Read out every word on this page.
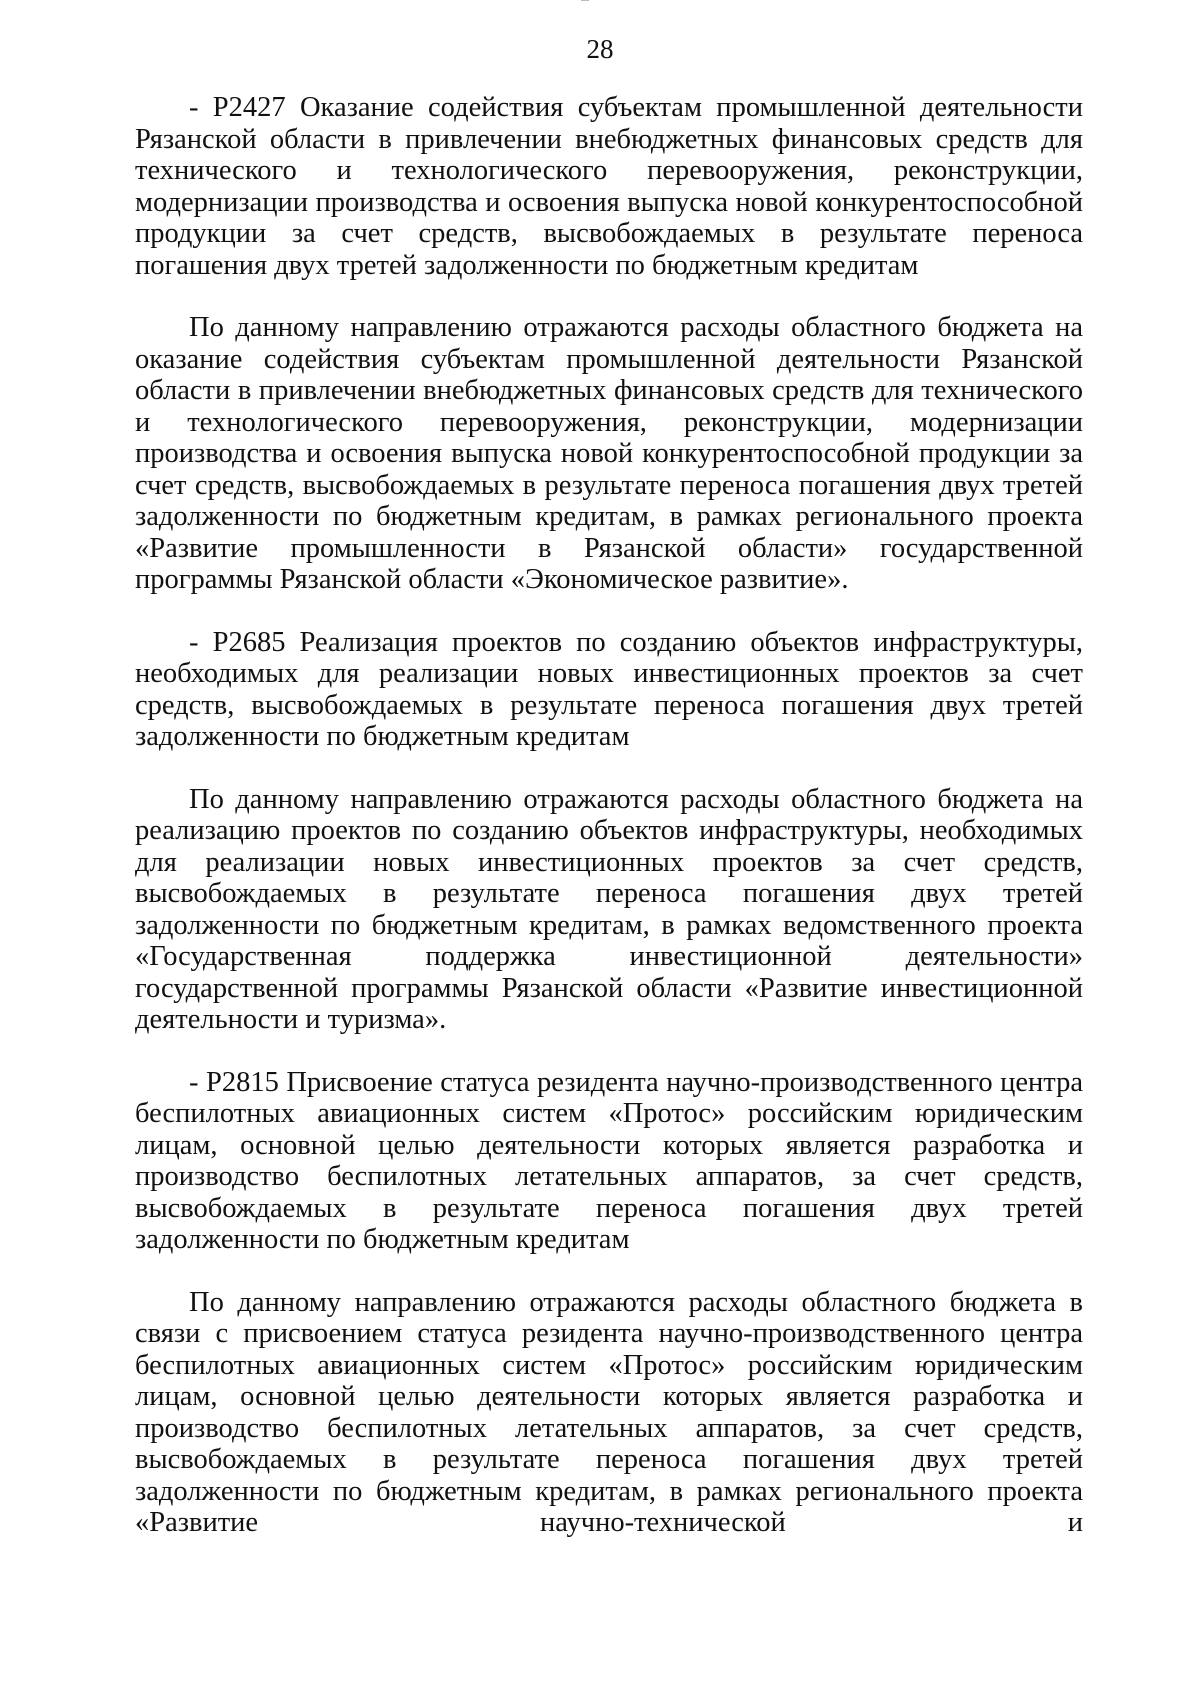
28

- Р2427 Оказание содействия субъектам промышленной деятельности Рязанской области в привлечении внебюджетных финансовых средств для технического и технологического перевооружения, реконструкции, модернизации производства и освоения выпуска новой конкурентоспособной продукции за счет средств, высвобождаемых в результате переноса погашения двух третей задолженности по бюджетным кредитам

По данному направлению отражаются расходы областного бюджета на оказание содействия субъектам промышленной деятельности Рязанской области в привлечении внебюджетных финансовых средств для технического и технологического перевооружения, реконструкции, модернизации производства и освоения выпуска новой конкурентоспособной продукции за счет средств, высвобождаемых в результате переноса погашения двух третей задолженности по бюджетным кредитам, в рамках регионального проекта «Развитие промышленности в Рязанской области» государственной программы Рязанской области «Экономическое развитие».

- Р2685 Реализация проектов по созданию объектов инфраструктуры, необходимых для реализации новых инвестиционных проектов за счет средств, высвобождаемых в результате переноса погашения двух третей задолженности по бюджетным кредитам

По данному направлению отражаются расходы областного бюджета на реализацию проектов по созданию объектов инфраструктуры, необходимых для реализации новых инвестиционных проектов за счет средств, высвобождаемых в результате переноса погашения двух третей задолженности по бюджетным кредитам, в рамках ведомственного проекта «Государственная поддержка инвестиционной деятельности» государственной программы Рязанской области «Развитие инвестиционной деятельности и туризма».

- Р2815 Присвоение статуса резидента научно-производственного центра беспилотных авиационных систем «Протос» российским юридическим лицам, основной целью деятельности которых является разработка и производство беспилотных летательных аппаратов, за счет средств, высвобождаемых в результате переноса погашения двух третей задолженности по бюджетным кредитам

По данному направлению отражаются расходы областного бюджета в связи с присвоением статуса резидента научно-производственного центра беспилотных авиационных систем «Протос» российским юридическим лицам, основной целью деятельности которых является разработка и производство беспилотных летательных аппаратов, за счет средств, высвобождаемых в результате переноса погашения двух третей задолженности по бюджетным кредитам, в рамках регионального проекта «Развитие научно-технической и
